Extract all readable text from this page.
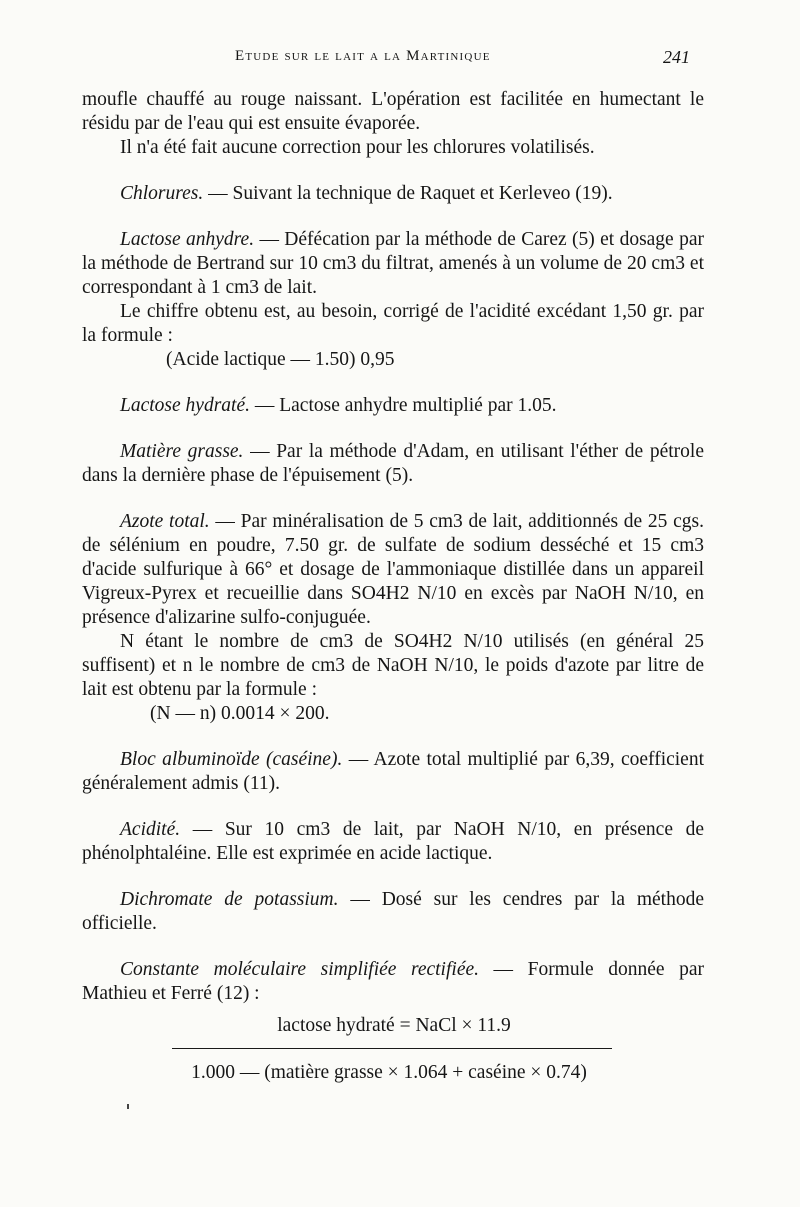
Etude sur le lait a la Martinique	241

moufle chauffé au rouge naissant. L'opération est facilitée en humectant le résidu par de l'eau qui est ensuite évaporée.

Il n'a été fait aucune correction pour les chlorures volatilisés.

Chlorures. — Suivant la technique de Raquet et Kerleveo (19).

Lactose anhydre. — Défécation par la méthode de Carez (5) et dosage par la méthode de Bertrand sur 10 cm3 du filtrat, amenés à un volume de 20 cm3 et correspondant à 1 cm3 de lait.

Le chiffre obtenu est, au besoin, corrigé de l'acidité excédant 1,50 gr. par la formule :

(Acide lactique — 1.50) 0,95

Lactose hydraté. — Lactose anhydre multiplié par 1.05.

Matière grasse. — Par la méthode d'Adam, en utilisant l'éther de pétrole dans la dernière phase de l'épuisement (5).

Azote total. — Par minéralisation de 5 cm3 de lait, additionnés de 25 cgs. de sélénium en poudre, 7.50 gr. de sulfate de sodium desséché et 15 cm3 d'acide sulfurique à 66° et dosage de l'ammoniaque distillée dans un appareil Vigreux-Pyrex et recueillie dans SO4H2 N/10 en excès par NaOH N/10, en présence d'alizarine sulfo-conjuguée.

N étant le nombre de cm3 de SO4H2 N/10 utilisés (en général 25 suffisent) et n le nombre de cm3 de NaOH N/10, le poids d'azote par litre de lait est obtenu par la formule :

(N — n) 0.0014 × 200.

Bloc albuminoïde (caséine). — Azote total multiplié par 6,39, coefficient généralement admis (11).

Acidité. — Sur 10 cm3 de lait, par NaOH N/10, en présence de phénolphtaléine. Elle est exprimée en acide lactique.

Dichromate de potassium. — Dosé sur les cendres par la méthode officielle.

Constante moléculaire simplifiée rectifiée. — Formule donnée par Mathieu et Ferré (12) :

lactose hydraté = NaCl × 11.9
1.000 — (matière grasse × 1.064 + caséine × 0.74)
